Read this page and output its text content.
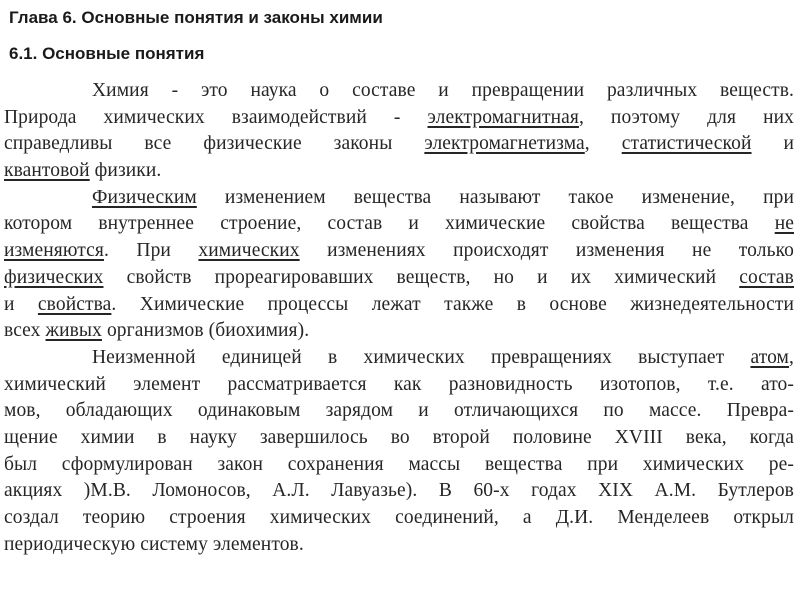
Глава 6. Основные понятия и законы химии
6.1. Основные понятия
Химия - это наука о составе и превращении различных веществ.
Природа химических взаимодействий - электромагнитная, поэтому для них
справедливы все физические законы электромагнетизма, статистической и
квантовой физики.
Физическим изменением вещества называют такое изменение, при
котором внутреннее строение, состав и химические свойства вещества не
изменяются. При химических изменениях происходят изменения не только
физических свойств прореагировавших веществ, но и их химический состав
и свойства. Химические процессы лежат также в основе жизнедеятельности
всех живых организмов (биохимия).
Неизменной единицей в химических превращениях выступает атом,
химический элемент рассматривается как разновидность изотопов, т.е. ато-
мов, обладающих одинаковым зарядом и отличающихся по массе. Превра-
щение химии в науку завершилось во второй половине XVIII века, когда
был сформулирован закон сохранения массы вещества при химических ре-
акциях )М.В. Ломоносов, А.Л. Лавуазье). В 60-х годах XIX А.М. Бутлеров
создал теорию строения химических соединений, а Д.И. Менделеев открыл
периодическую систему элементов.
